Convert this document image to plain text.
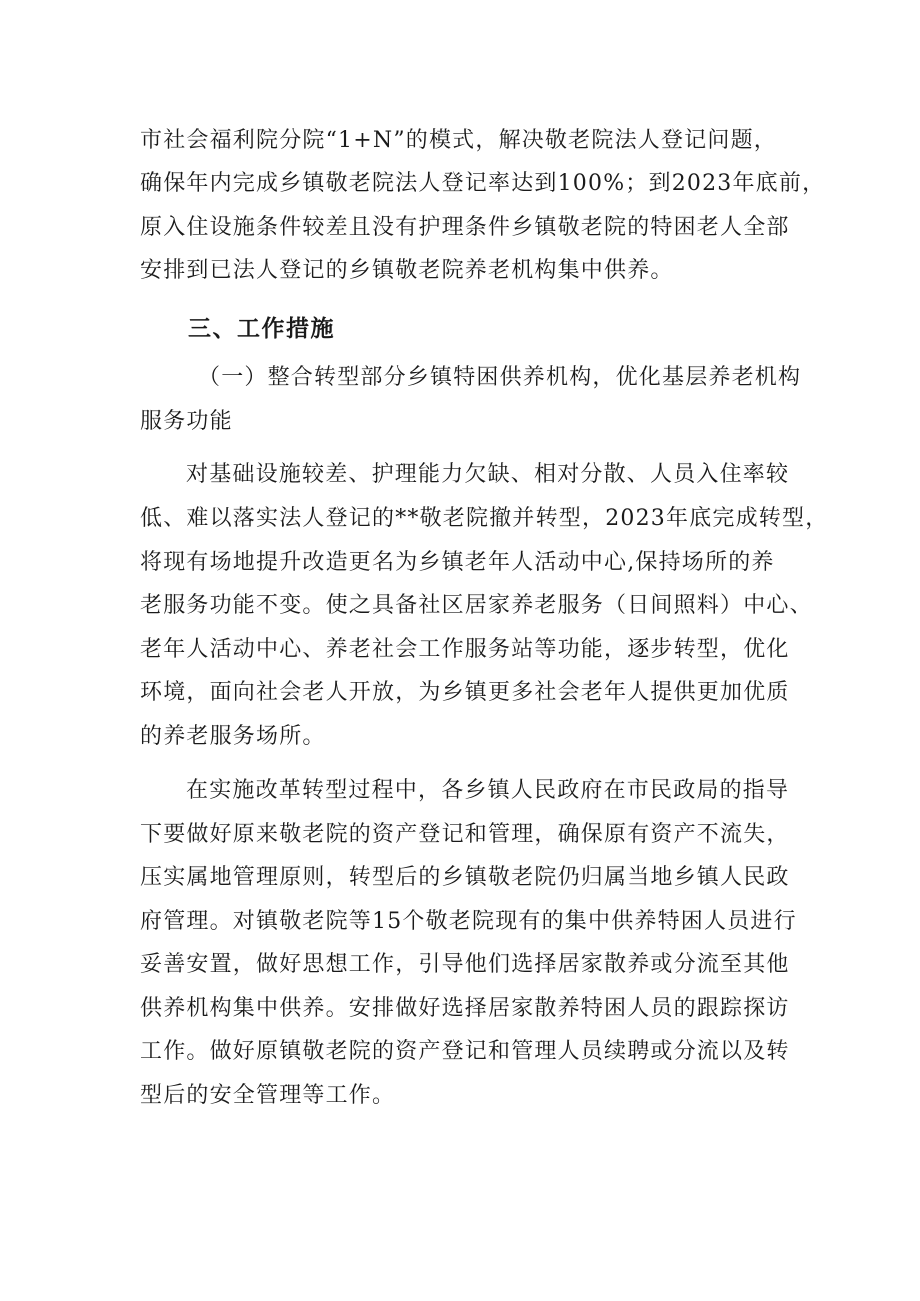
市社会福利院分院“1+N”的模式，解决敬老院法人登记问题，
确保年内完成乡镇敬老院法人登记率达到100%；到2023年底前，
原入住设施条件较差且没有护理条件乡镇敬老院的特困老人全部
安排到已法人登记的乡镇敬老院养老机构集中供养。
三、工作措施
（一）整合转型部分乡镇特困供养机构，优化基层养老机构
服务功能
对基础设施较差、护理能力欠缺、相对分散、人员入住率较
低、难以落实法人登记的**敬老院撤并转型，2023年底完成转型，
将现有场地提升改造更名为乡镇老年人活动中心,保持场所的养
老服务功能不变。使之具备社区居家养老服务（日间照料）中心、
老年人活动中心、养老社会工作服务站等功能，逐步转型，优化
环境，面向社会老人开放，为乡镇更多社会老年人提供更加优质
的养老服务场所。
在实施改革转型过程中，各乡镇人民政府在市民政局的指导
下要做好原来敬老院的资产登记和管理，确保原有资产不流失，
压实属地管理原则，转型后的乡镇敬老院仍归属当地乡镇人民政
府管理。对镇敬老院等15个敬老院现有的集中供养特困人员进行
妥善安置，做好思想工作，引导他们选择居家散养或分流至其他
供养机构集中供养。安排做好选择居家散养特困人员的跟踪探访
工作。做好原镇敬老院的资产登记和管理人员续聘或分流以及转
型后的安全管理等工作。
